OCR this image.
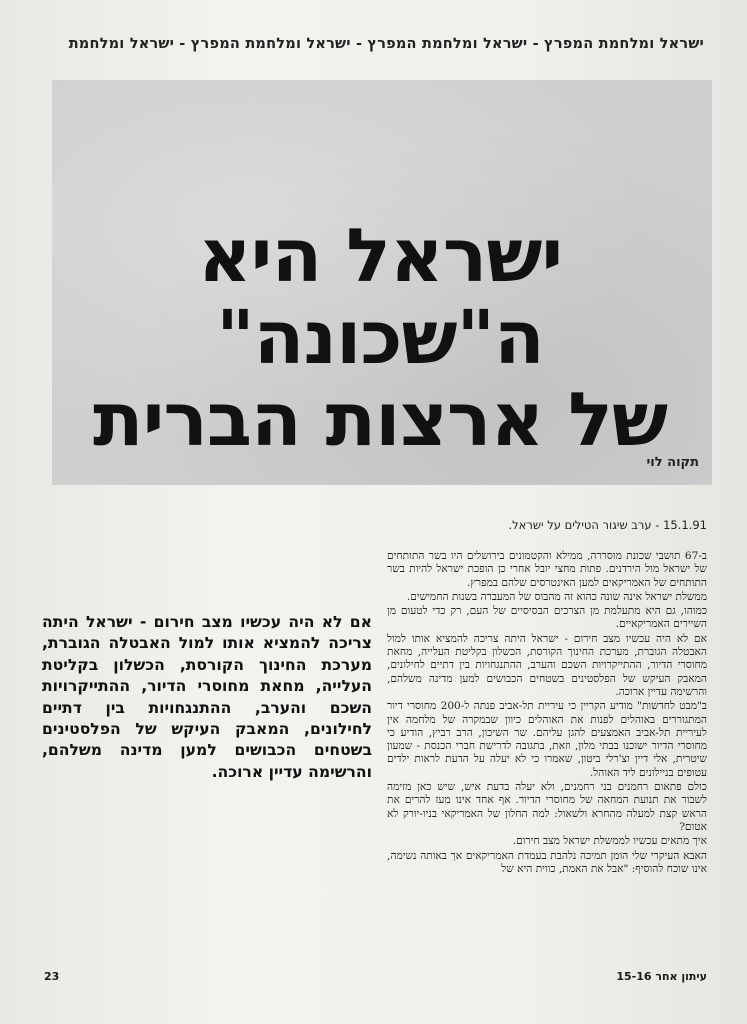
ישראל ומלחמת המפרץ - ישראל ומלחמת המפרץ - ישראל ומלחמת המפרץ - ישראל ומלחמת
ישראל היא ה"שכונה"
של ארצות הברית
תקוה לוי
15.1.91 - ערב שיגור הטילים על ישראל.

ב-67 תושבי שכונת מוסררה, ממילא והקטמונים בירושלים היו בשר התותחים של ישראל מול הירדנים. פתות מחצי יובל אחרי כן הופכת ישראל להיות בשר התותחים של האמריקאים למען האינטרסים שלהם במפרץ.

ממשלת ישראל אינה שונה כהוא זה מהבוס של המעברה בשנות החמישים.

כמוהו, גם היא מתעלמת מן הצרכים הבסיסיים של העם, רק כדי לטעום מן השיירים האמריקאיים.

אם לא היה עכשיו מצב חירום - ישראל היתה צריכה להמציא אותו למול האבטלה הגוברת, מערכת החינוך הקורסת, הכשלון בקליטת העלייה, מחאת מחוסרי הדיור, ההתייקרויות השכם והערב, ההתנגחויות בין דתיים לחילונים, המאבק העיקש של הפלסטינים בשטחים הכבושים למען מדינה משלהם, והרשימה עדיין ארוכה.

ב"מבט לחדשות" מודיע הקריין כי עיריית תל-אביב פנתה ל-200 מחוסרי דיור המתגוררים באוהלים לפנות את האוהלים כיוון שבמקרה של מלחמה אין לעיריית תל-אביב האמצעים להגן עליהם. שר השיכון, הרב רביץ, הודיע כי מחוסרי הדיור ישוכנו בבתי מלון, וזאת, בתגובה לדרישת חברי הכנסת - שמעון שיטרית, אלי דיין וצ'רלי ביטון, שאמרו כי לא יעלה על הדעת לראות ילדים עטופים בניילונים ליד האוהל.

כולם פתאום רחמנים בני רחמנים, ולא יעלה בדעת איש, שיש כאן מזימה לשבור את תנועת המחאה של מחוסרי הדיור. אף אחד אינו מעז להרים את הראש קצת למעלה מהחרא ולשאול: למה החלון של האמריקאי בניו-יורק לא אטום?

איך מתאים עכשיו לממשלת ישראל מצב חירום.

האבא העיקרי שלי הומן תמיכה נלהבת בעמדת האמריקאים אך באותה נשימה, אינו שוכח להוסיף: "אבל את האמת, כווית היא של

אם לא היה עכשיו מצב חירום - ישראל היתה צריכה להמציא אותו למול האבטלה הגוברת, מערכת החינוך הקורסת, הכשלון בקליטת העלייה, מחאת מחוסרי הדיור, ההתייקרויות השכם והערב, ההתנגחויות בין דתיים לחילונים, המאבק העיקש של הפלסטינים בשטחים הכבושים למען מדינה משלהם, והרשימה עדיין ארוכה.
23	עיתון אחר 15-16
